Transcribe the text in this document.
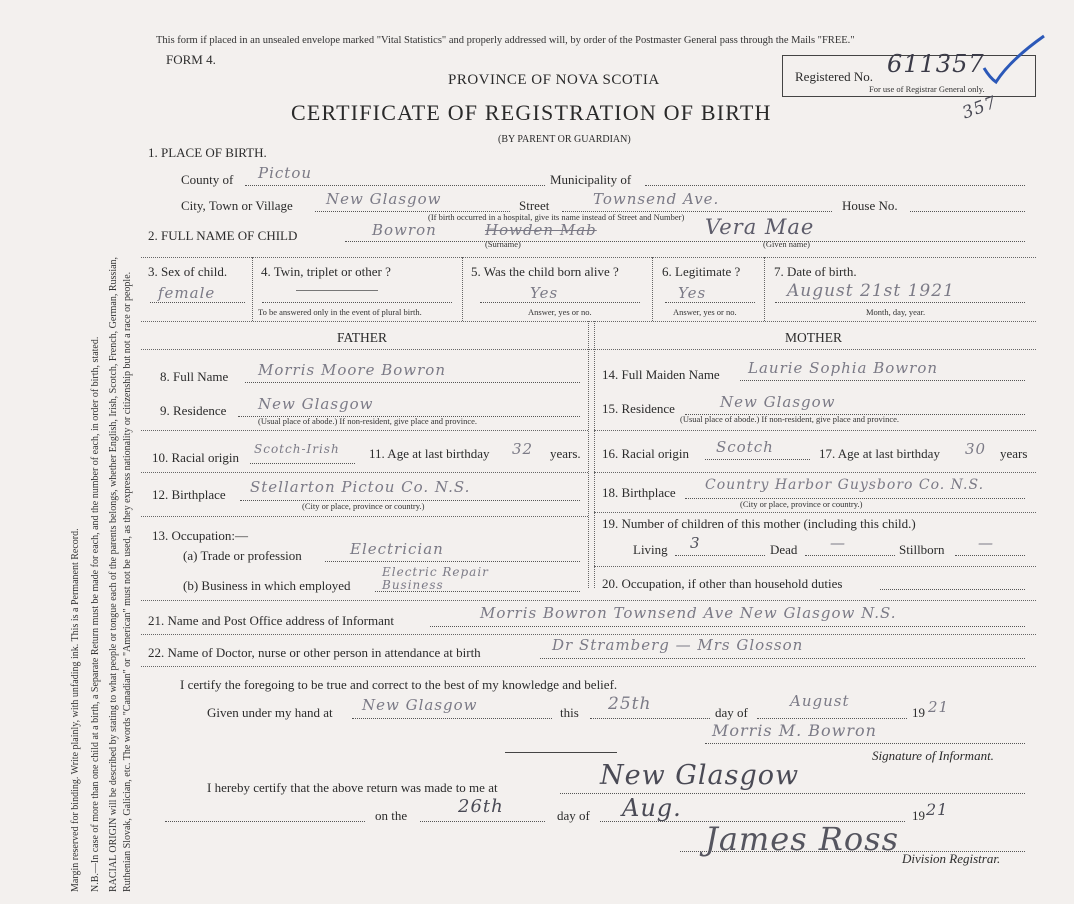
Margin reserved for binding. Write plainly, with unfading ink. This is a Permanent Record. N.B.—In case of more than one child at a birth, a Separate Return must be made for each, and the number of each, in order of birth, stated. RACIAL ORIGIN will be described by stating to what people or tongue each of the parents belongs, whether English, Irish, Scotch, French, German, Russian, Ruthenian Slovak, Galician, etc. The words "Canadian" or "American" must not be used, as they express nationality or citizenship but not a race or people.
This form if placed in an unsealed envelope marked "Vital Statistics" and properly addressed will, by order of the Postmaster General pass through the Mails "FREE."
FORM 4.
Registered No. 611357
For use of Registrar General only.
357
PROVINCE OF NOVA SCOTIA
CERTIFICATE OF REGISTRATION OF BIRTH
(BY PARENT OR GUARDIAN)
1. PLACE OF BIRTH.
County of Pictou	Municipality of
City, Town or Village New Glasgow	Street	Townsend Ave.	House No.
(If birth occurred in a hospital, give its name instead of Street and Number)
2. FULL NAME OF CHILD	Bowron	Howden Mab	Vera Mae
(Surname)	(Given name)
3. Sex of child.
female
4. Twin, triplet or other ?
To be answered only in the event of plural birth.
5. Was the child born alive ?
Yes
Answer, yes or no.
6. Legitimate ?
Yes
Answer, yes or no.
7. Date of birth.
August 21st 1921
Month, day, year.
FATHER	MOTHER
8. Full Name Morris Moore Bowron
9. Residence New Glasgow
(Usual place of abode.) If non-resident, give place and province.
10. Racial origin
Scotch-Irish 11. Age at last birthday 32 years.
12. Birthplace Stellarton Pictou Co. N.S.
(City or place, province or country.)
13. Occupation:—
(a) Trade or profession	Electrician
(b) Business in which employed
Electric Repair Business
14. Full Maiden Name Laurie Sophia Bowron
15. Residence	New Glasgow
(Usual place of abode.) If non-resident, give place and province.
16. Racial origin Scotch	17. Age at last birthday 30 years
18. Birthplace Country Harbor Guysboro Co. N.S.
(City or place, province or country.)
19. Number of children of this mother (including this child.)
Living 3	Dead —	Stillborn —
20. Occupation, if other than household duties
21. Name and Post Office address of Informant	Morris Bowron Townsend Ave New Glasgow N.S.
22. Name of Doctor, nurse or other person in attendance at birth	Dr Stramberg — Mrs Glosson
I certify the foregoing to be true and correct to the best of my knowledge and belief.
Given under my hand at New Glasgow	this 25th	day of
August
19 21
Morris M. Bowron
Signature of Informant.
I hereby certify that the above return was made to me at	New Glasgow
on the	26th	day of Aug.	19 21
James Ross
Division Registrar.
